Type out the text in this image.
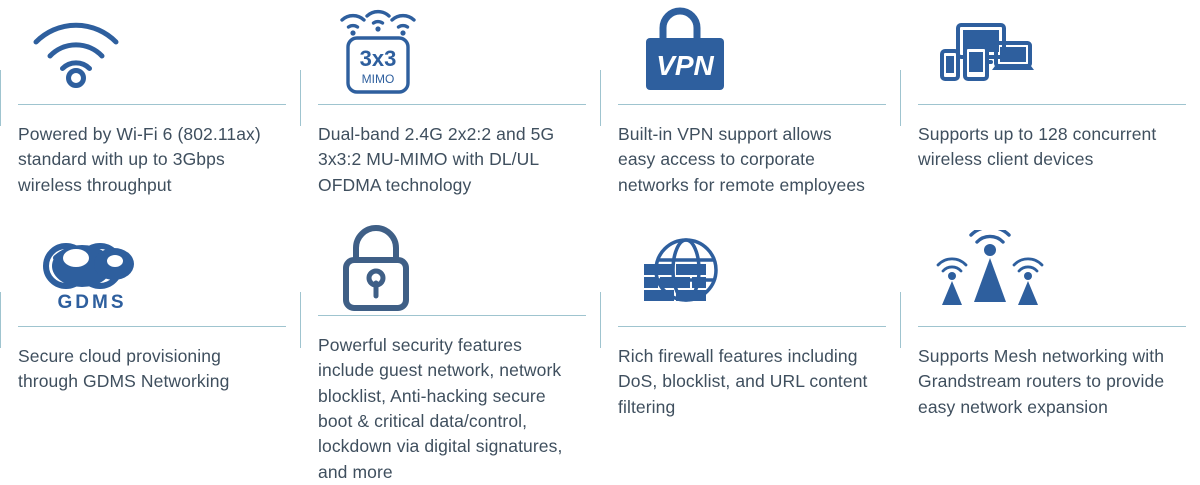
Powered by Wi-Fi 6 (802.11ax) standard with up to 3Gbps wireless throughput
3x3
MIMO
Dual-band 2.4G 2x2:2 and 5G 3x3:2 MU-MIMO with DL/UL OFDMA technology
VPN
Built-in VPN support allows easy access to corporate networks for remote employees
Supports up to 128 concurrent wireless client devices
GDMS
Secure cloud provisioning through GDMS Networking
Powerful security features include guest network, network blocklist, Anti-hacking secure boot & critical data/control, lockdown via digital signatures, and more
Rich firewall features including DoS, blocklist, and URL content filtering
Supports Mesh networking with Grandstream routers to provide easy network expansion
